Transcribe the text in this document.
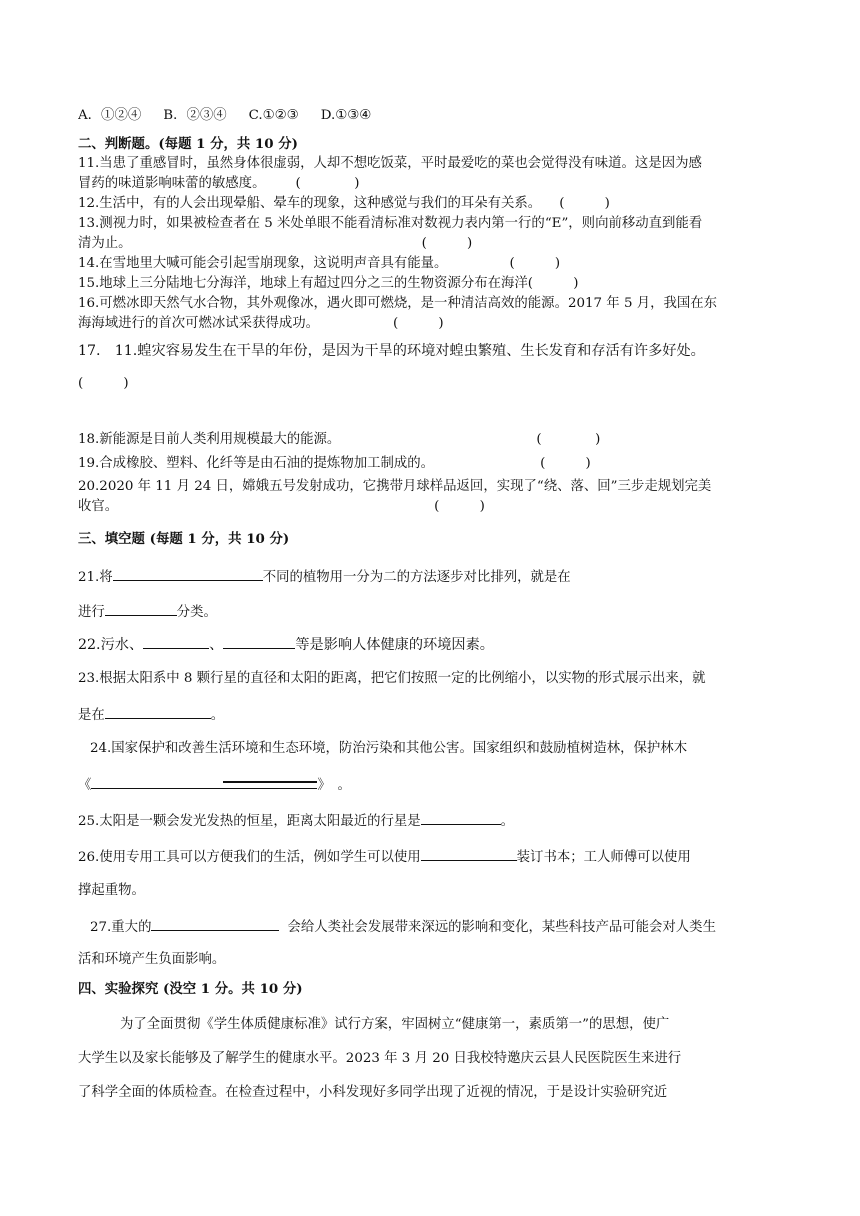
A．①②④ B．②③④ C.①②③ D.①③④
二、判断题。(每题 1 分，共 10 分)
11.当患了重感冒时，虽然身体很虚弱，人却不想吃饭菜，平时最爱吃的菜也会觉得没有味道。这是因为感
冒药的味道影响味蕾的敏感度。 (　　　　)
12.生活中，有的人会出现晕船、晕车的现象，这种感觉与我们的耳朵有关系。 (　　　)
13.测视力时，如果被检查者在 5 米处单眼不能看清标准对数视力表内第一行的“E”，则向前移动直到能看
清为止。	(　　　)
14.在雪地里大喊可能会引起雪崩现象，这说明声音具有能量。	(　　　)
15.地球上三分陆地七分海洋，地球上有超过四分之三的生物资源分布在海洋(　　　)
16.可燃冰即天然气水合物，其外观像冰，遇火即可燃烧，是一种清洁高效的能源。2017 年 5 月，我国在东
海海域进行的首次可燃冰试采获得成功。	(　　　)
17.　11.蝗灾容易发生在干旱的年份，是因为干旱的环境对蝗虫繁殖、生长发育和存活有许多好处。
(　　　)
18.新能源是目前人类利用规模最大的能源。	(　　　　)
19.合成橡胶、塑料、化纤等是由石油的提炼物加工制成的。	(　　　)
20.2020 年 11 月 24 日，嫦娥五号发射成功，它携带月球样品返回，实现了“绕、落、回”三步走规划完美
收官。	(　　　)
三、填空题 (每题 1 分，共 10 分)
21.将	不同的植物用一分为二的方法逐步对比排列，就是在
进行	分类。
22.污水、	、	等是影响人体健康的环境因素。
23.根据太阳系中 8 颗行星的直径和太阳的距离，把它们按照一定的比例缩小，以实物的形式展示出来，就
是在	。
24.国家保护和改善生活环境和生态环境，防治污染和其他公害。国家组织和鼓励植树造林，保护林木
《	》　。
25.太阳是一颗会发光发热的恒星，距离太阳最近的行星是	。
26.使用专用工具可以方便我们的生活，例如学生可以使用	装订书本；工人师傅可以使用
撑起重物。
27.重大的	会给人类社会发展带来深远的影响和变化，某些科技产品可能会对人类生
活和环境产生负面影响。
四、实验探究 (没空 1 分。共 10 分)
为了全面贯彻《学生体质健康标准》试行方案，牢固树立“健康第一，素质第一”的思想，使广
大学生以及家长能够及了解学生的健康水平。2023 年 3 月 20 日我校特邀庆云县人民医院医生来进行
了科学全面的体质检查。在检查过程中，小科发现好多同学出现了近视的情况，于是设计实验研究近
